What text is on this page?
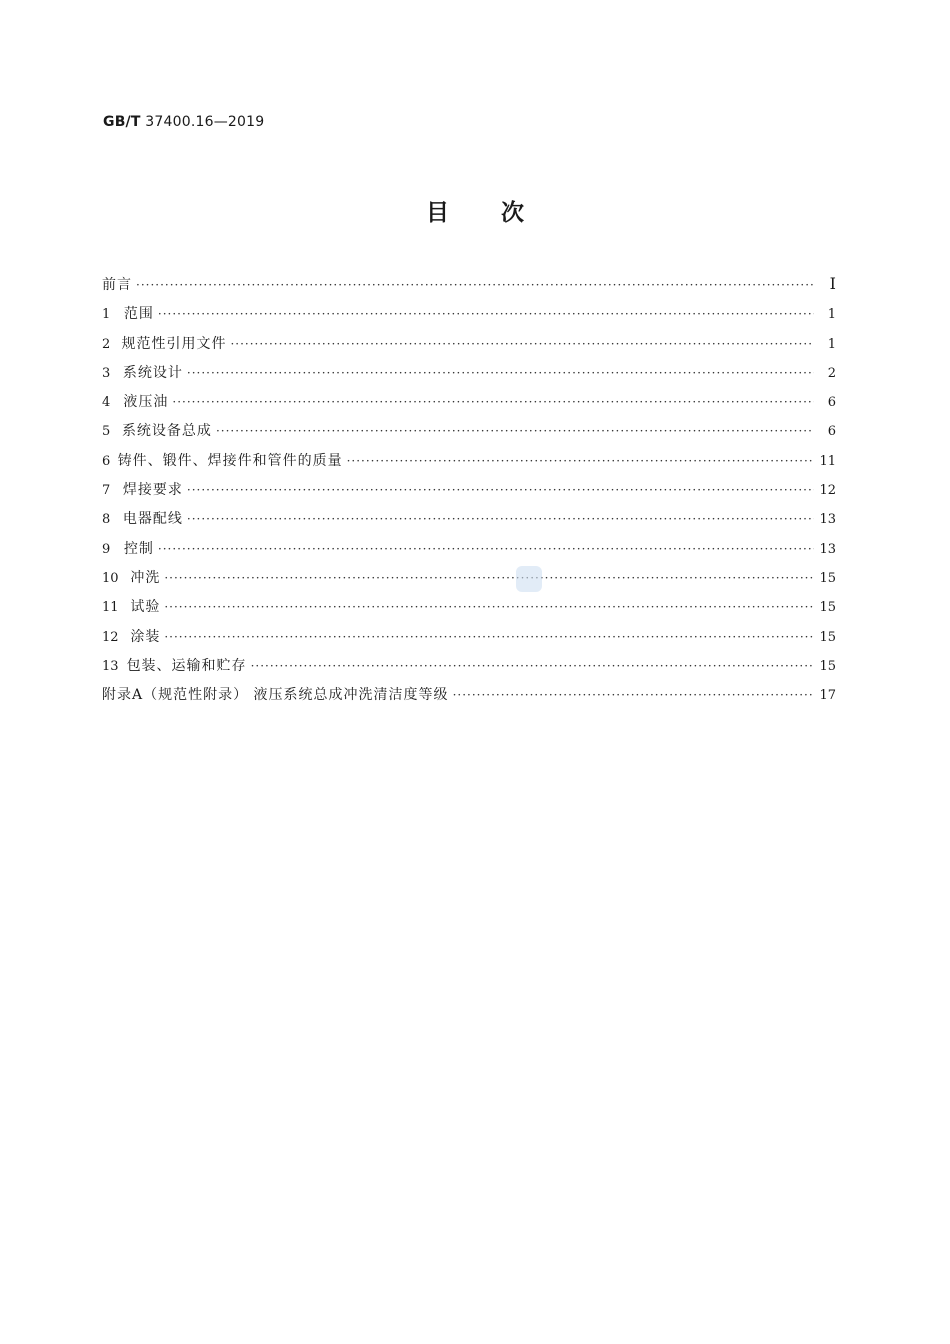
GB/T 37400.16—2019
目次
前言 ·····	I
1 范围 ·····	1
2 规范性引用文件 ·····	1
3 系统设计 ·····	2
4 液压油 ·····	6
5 系统设备总成 ·····	6
6 铸件、锻件、焊接件和管件的质量 ·····	11
7 焊接要求 ·····	12
8 电器配线 ·····	13
9 控制 ·····	13
10 冲洗 ·····	15
11 试验 ·····	15
12 涂装 ·····	15
13 包装、运输和贮存 ·····	15
附录A（规范性附录） 液压系统总成冲洗清洁度等级 ·····	17
